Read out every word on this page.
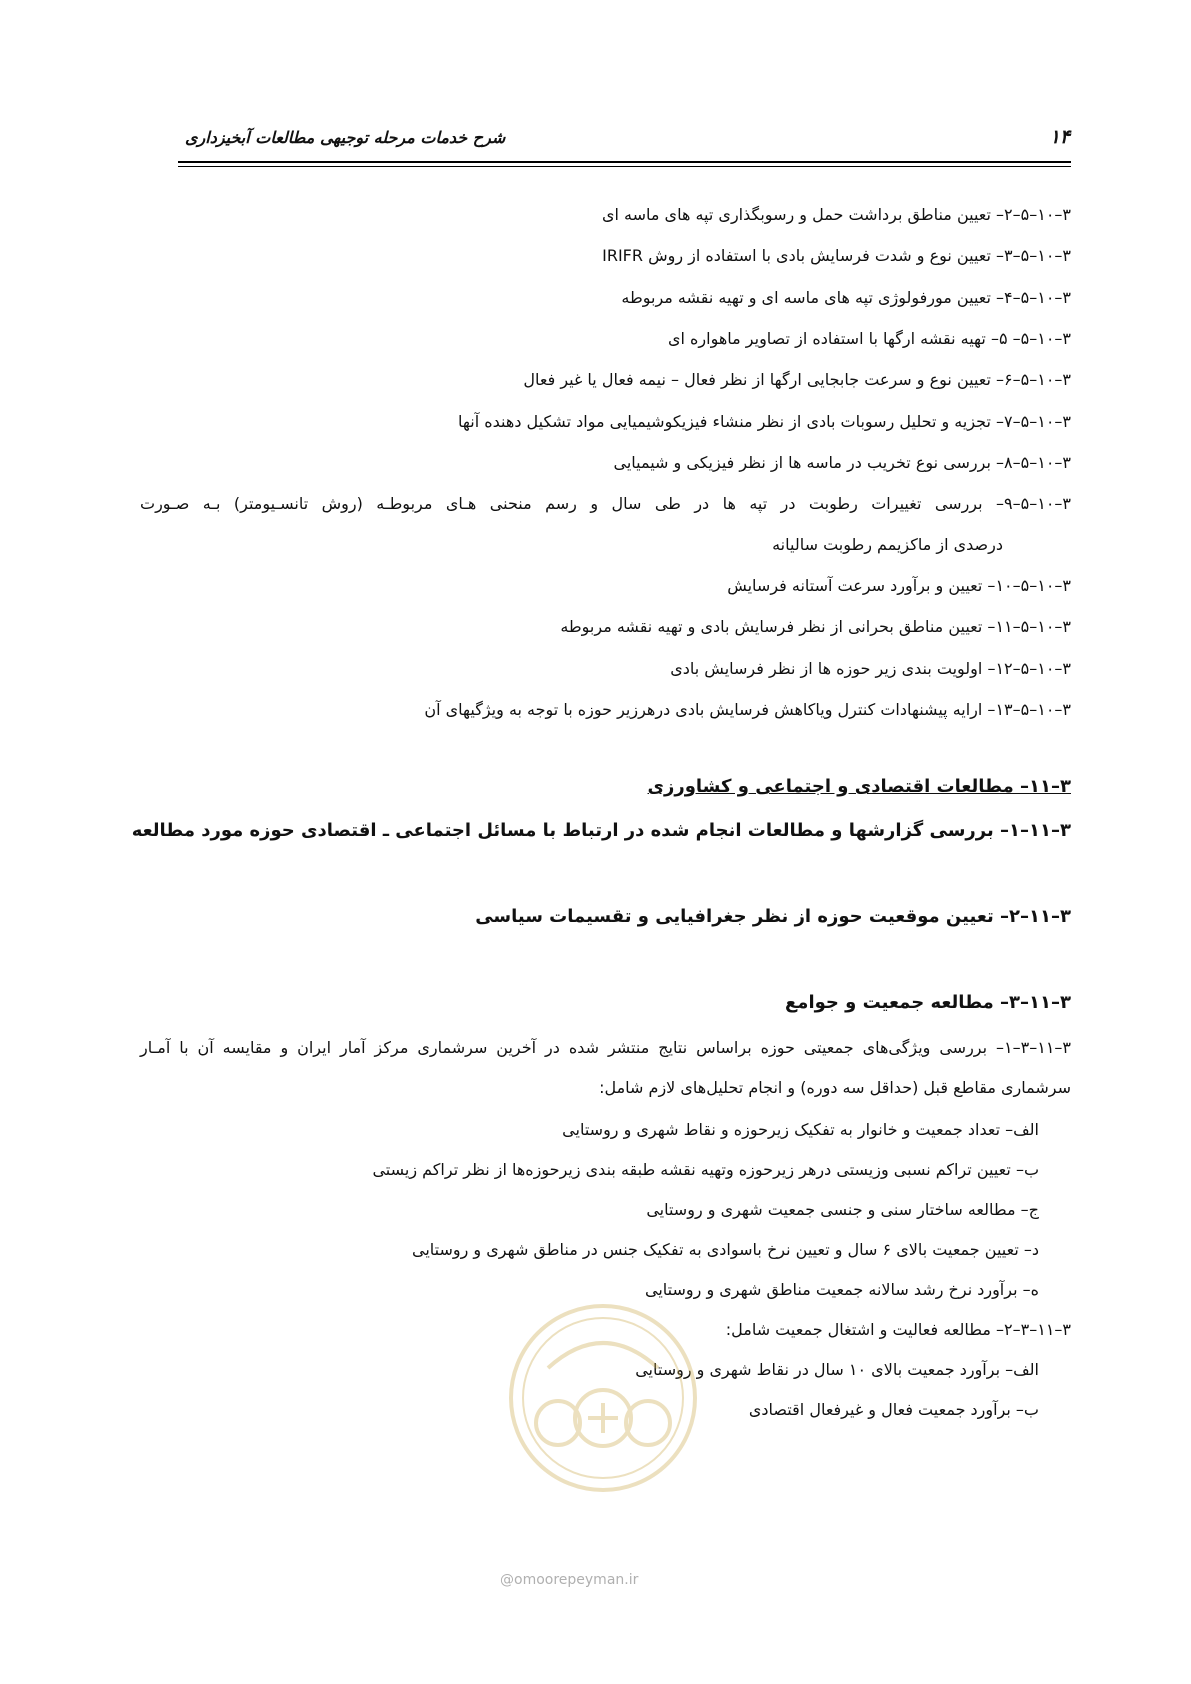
شرح خدمات مرحله توجیهی مطالعات آبخیزداری	۱۴
۳–۱۰–۵–۲– تعیین مناطق برداشت حمل و رسوبگذاری تپه های ماسه ای
۳–۱۰–۵–۳– تعیین نوع و شدت فرسایش بادی با استفاده از روش IRIFR
۳–۱۰–۵–۴– تعیین مورفولوژی تپه های ماسه ای و تهیه نقشه مربوطه
۳–۱۰–۵– ۵– تهیه نقشه ارگها با استفاده از تصاویر ماهواره ای
۳–۱۰–۵–۶– تعیین نوع و سرعت جابجایی ارگها از نظر فعال – نیمه فعال یا غیر فعال
۳–۱۰–۵–۷– تجزیه و تحلیل رسوبات بادی از نظر منشاء فیزیکوشیمیایی مواد تشکیل دهنده آنها
۳–۱۰–۵–۸– بررسی نوع تخریب در ماسه ها از نظر فیزیکی و شیمیایی
۳–۱۰–۵–۹– بررسی تغییرات رطوبت در تپه ها در طی سال و رسم منحنی هـای مربوطـه (روش تانسـیومتر) بـه صـورت
درصدی از ماکزیمم رطوبت سالیانه
۳–۱۰–۵–۱۰– تعیین و برآورد سرعت آستانه فرسایش
۳–۱۰–۵–۱۱– تعیین مناطق بحرانی از نظر فرسایش بادی و تهیه نقشه مربوطه
۳–۱۰–۵–۱۲– اولویت بندی زیر حوزه ها از نظر فرسایش بادی
۳–۱۰–۵–۱۳– ارایه پیشنهادات کنترل وياکاهش فرسایش بادی درهرزیر حوزه با توجه به ویژگیهای آن
۳–۱۱– مطالعات اقتصادی و اجتماعی و کشاورزی
۳–۱۱–۱– بررسی گزارشها و مطالعات انجام شده در ارتباط با مسائل اجتماعی ـ اقتصادی حوزه مورد مطالعه
۳–۱۱–۲– تعیین موقعیت حوزه از نظر جغرافیایی و تقسیمات سیاسی
۳–۱۱–۳– مطالعه جمعیت و جوامع
۳–۱۱–۳–۱– بررسی ویژگی‌های جمعیتی حوزه براساس نتایج منتشر شده در آخرین سرشماری مرکز آمار ایران و مقایسه آن با آمـار
سرشماری مقاطع قبل (حداقل سه دوره) و انجام تحلیل‌های لازم شامل:
الف– تعداد جمعیت و خانوار به تفکیک زیرحوزه و نقاط شهری و روستایی
ب– تعیین تراکم نسبی وزیستی درهر زیرحوزه وتهیه نقشه طبقه بندی زیرحوزه‌ها از نظر تراکم زیستی
ج– مطالعه ساختار سنی و جنسی جمعیت شهری و روستایی
د– تعیین جمعیت بالای ۶ سال و تعیین نرخ باسوادی به تفکیک جنس در مناطق شهری و روستایی
ه– برآورد نرخ رشد سالانه جمعیت مناطق شهری و روستایی
۳–۱۱–۳–۲– مطالعه فعالیت و اشتغال جمعیت شامل:
الف– برآورد جمعیت بالای ۱۰ سال در نقاط شهری و روستایی
ب– برآورد جمعیت فعال و غیرفعال اقتصادی
@omoorepeyman.ir
